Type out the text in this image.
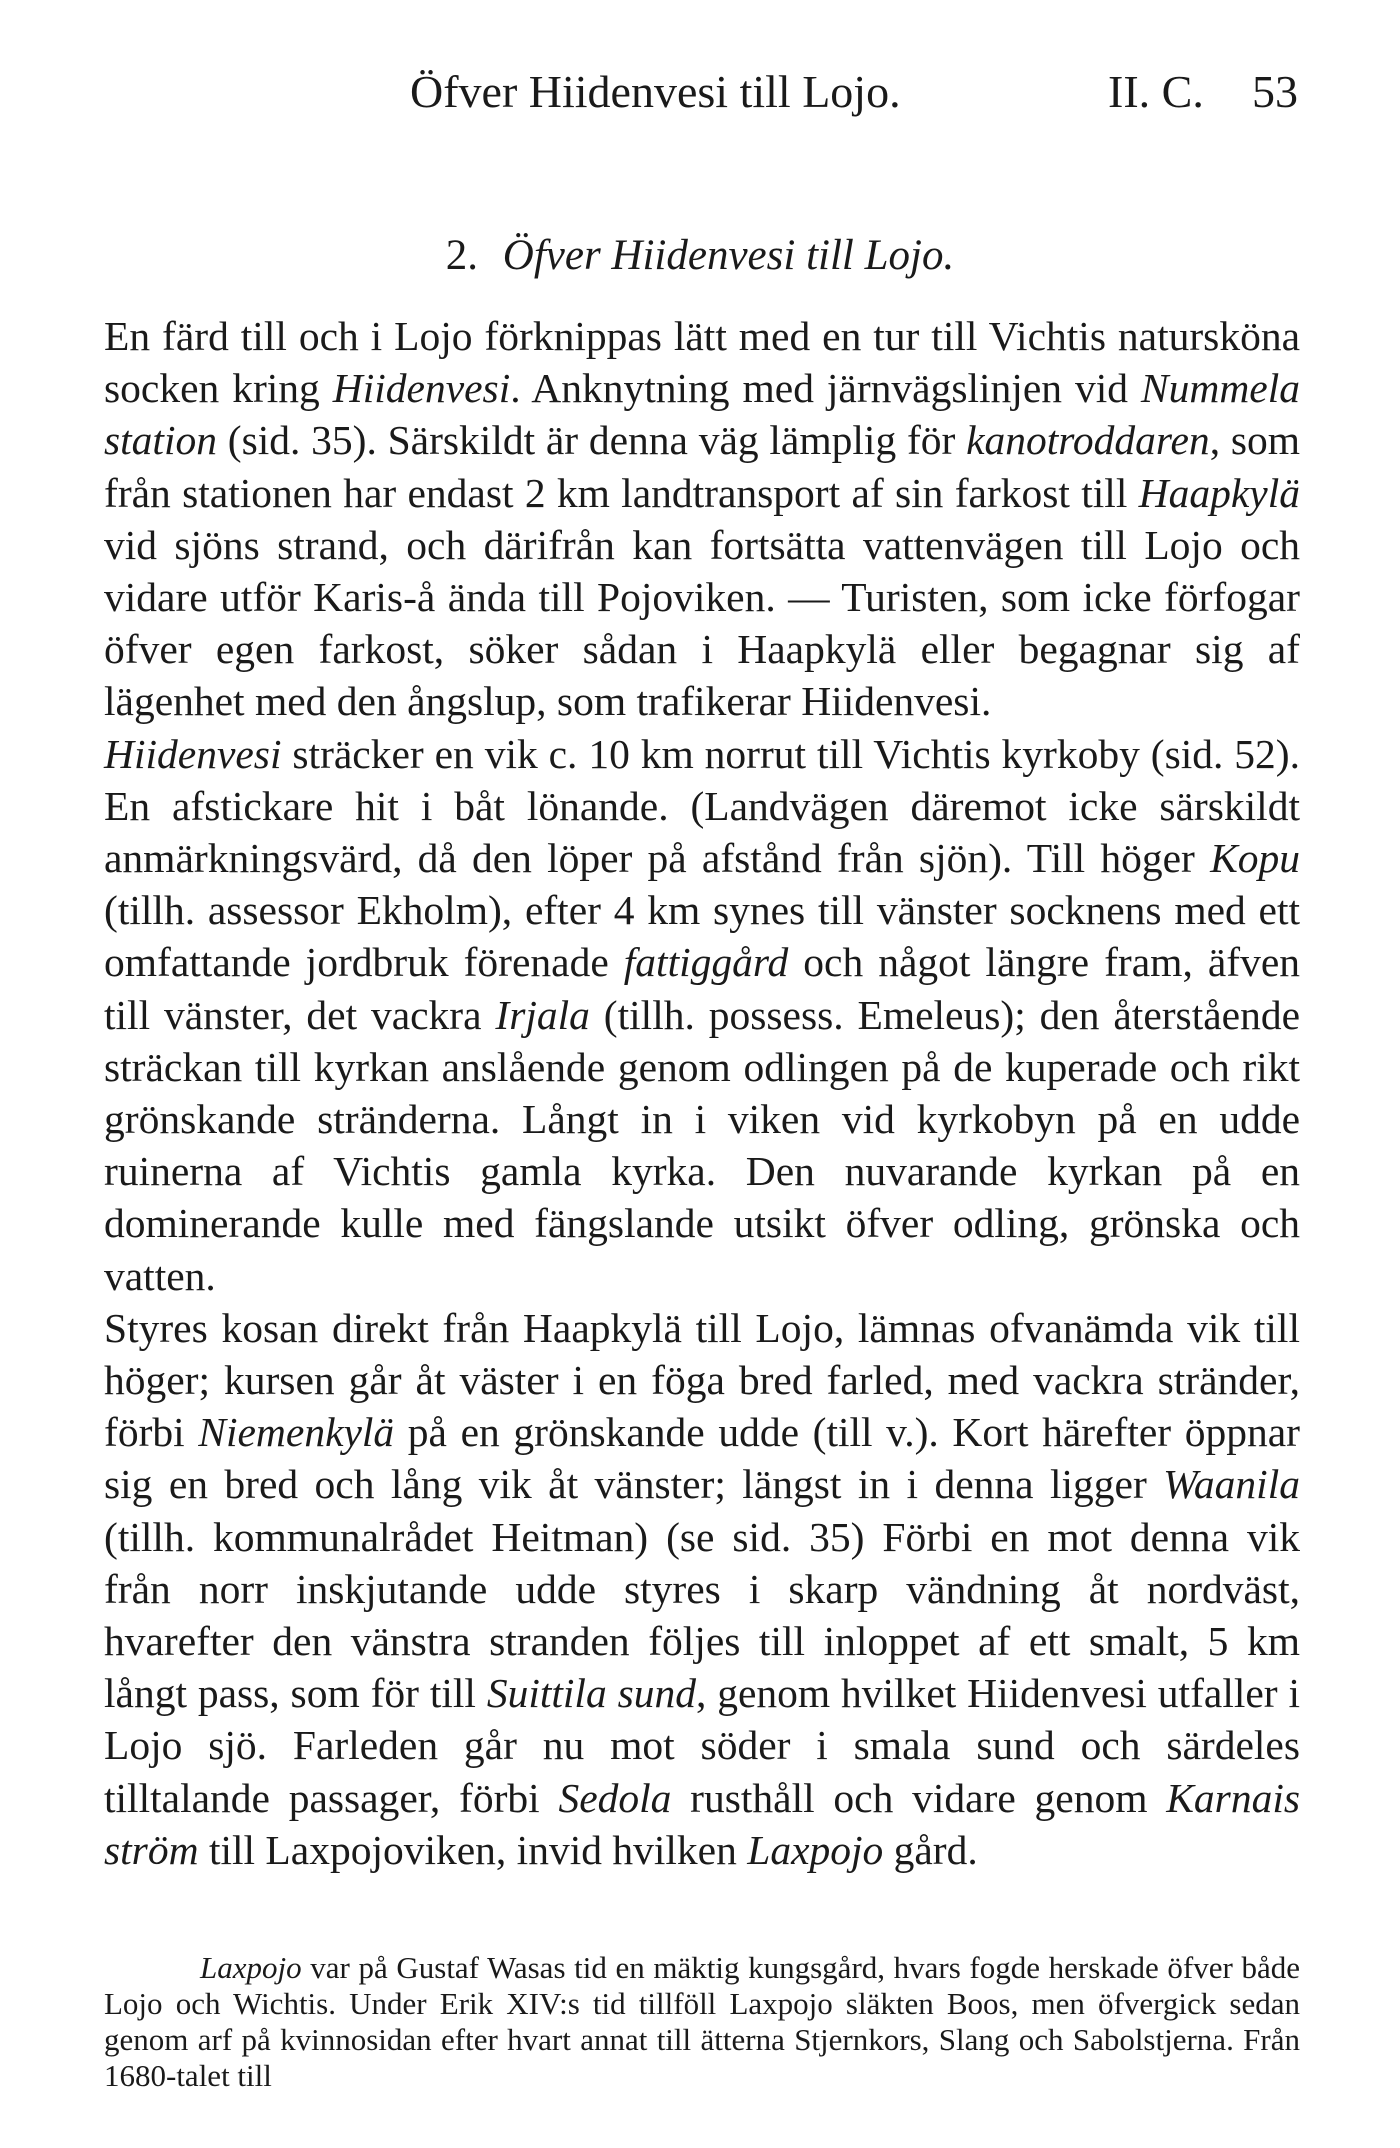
Öfver Hiidenvesi till Lojo.	II. C. 53
2. Öfver Hiidenvesi till Lojo.

En färd till och i Lojo förknippas lätt med en tur till Vichtis natursköna socken kring Hiidenvesi. Anknytning med järnvägslinjen vid Nummela station (sid. 35). Särskildt är denna väg lämplig för kanotroddaren, som från stationen har endast 2 km landtransport af sin farkost till Haapkylä vid sjöns strand, och därifrån kan fortsätta vattenvägen till Lojo och vidare utför Karis-å ända till Pojoviken. — Turisten, som icke förfogar öfver egen farkost, söker sådan i Haapkylä eller begagnar sig af lägenhet med den ångslup, som trafikerar Hiidenvesi.

Hiidenvesi sträcker en vik c. 10 km norrut till Vichtis kyrkoby (sid. 52). En afstickare hit i båt lönande. (Landvägen däremot icke särskildt anmärkningsvärd, då den löper på afstånd från sjön). Till höger Kopu (tillh. assessor Ekholm), efter 4 km synes till vänster socknens med ett omfattande jordbruk förenade fattiggård och något längre fram, äfven till vänster, det vackra Irjala (tillh. possess. Emeleus); den återstående sträckan till kyrkan anslående genom odlingen på de kuperade och rikt grönskande stränderna. Långt in i viken vid kyrkobyn på en udde ruinerna af Vichtis gamla kyrka. Den nuvarande kyrkan på en dominerande kulle med fängslande utsikt öfver odling, grönska och vatten.

Styres kosan direkt från Haapkylä till Lojo, lämnas ofvanämda vik till höger; kursen går åt väster i en föga bred farled, med vackra stränder, förbi Niemenkylä på en grönskande udde (till v.). Kort härefter öppnar sig en bred och lång vik åt vänster; längst in i denna ligger Waanila (tillh. kommunalrådet Heitman) (se sid. 35) Förbi en mot denna vik från norr inskjutande udde styres i skarp vändning åt nordväst, hvarefter den vänstra stranden följes till inloppet af ett smalt, 5 km långt pass, som för till Suittila sund, genom hvilket Hiidenvesi utfaller i Lojo sjö. Farleden går nu mot söder i smala sund och särdeles tilltalande passager, förbi Sedola rusthåll och vidare genom Karnais ström till Laxpojoviken, invid hvilken Laxpojo gård.

Laxpojo var på Gustaf Wasas tid en mäktig kungsgård, hvars fogde herskade öfver både Lojo och Wichtis. Under Erik XIV:s tid tillföll Laxpojo släkten Boos, men öfvergick sedan genom arf på kvinnosidan efter hvart annat till ätterna Stjernkors, Slang och Sabolstjerna. Från 1680-talet till
